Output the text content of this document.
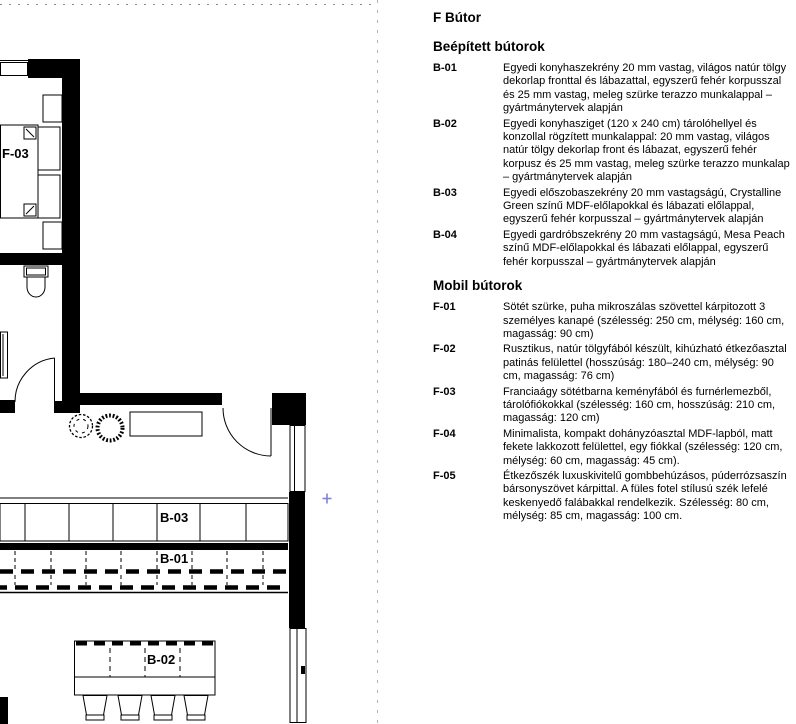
F-03
B-03
B-01
B-02
F Bútor
Beépített bútorok
B-01	Egyedi konyhaszekrény 20 mm vastag, világos natúr tölgy dekorlap fronttal és lábazattal, egyszerű fehér korpusszal és 25 mm vastag, meleg szürke terazzo munkalappal – gyártmánytervek alapján
B-02	Egyedi konyhasziget (120 x 240 cm) tárolóhellyel és konzollal rögzített munkalappal: 20 mm vastag, világos natúr tölgy dekorlap front és lábazat, egyszerű fehér korpusz és 25 mm vastag, meleg szürke terazzo munkalap – gyártmánytervek alapján
B-03	Egyedi előszobaszekrény 20 mm vastagságú, Crystalline Green színű MDF-előlapokkal és lábazati előlappal, egyszerű fehér korpusszal – gyártmánytervek alapján
B-04	Egyedi gardróbszekrény 20 mm vastagságú, Mesa Peach színű MDF-előlapokkal és lábazati előlappal, egyszerű fehér korpusszal – gyártmánytervek alapján
Mobil bútorok
F-01	Sötét szürke, puha mikroszálas szövettel kárpitozott 3 személyes kanapé (szélesség: 250 cm, mélység: 160 cm, magasság: 90 cm)
F-02	Rusztikus, natúr tölgyfából készült, kihúzható étkezőasztal patinás felülettel (hosszúság: 180–240 cm, mélység: 90 cm, magasság: 76 cm)
F-03	Franciaágy sötétbarna keményfából és furnérlemezből, tárolófiókokkal (szélesség: 160 cm, hosszúság: 210 cm, magasság: 120 cm)
F-04	Minimalista, kompakt dohányzóasztal MDF-lapból, matt fekete lakkozott felülettel, egy fiókkal (szélesség: 120 cm, mélység: 60 cm, magasság: 45 cm).
F-05	Étkezőszék luxuskivitelű gombbehúzásos, púderrózsaszín bársonyszövet kárpittal. A füles fotel stílusú szék lefelé keskenyedő falábakkal rendelkezik. Szélesség: 80 cm, mélység: 85 cm, magasság: 100 cm.
